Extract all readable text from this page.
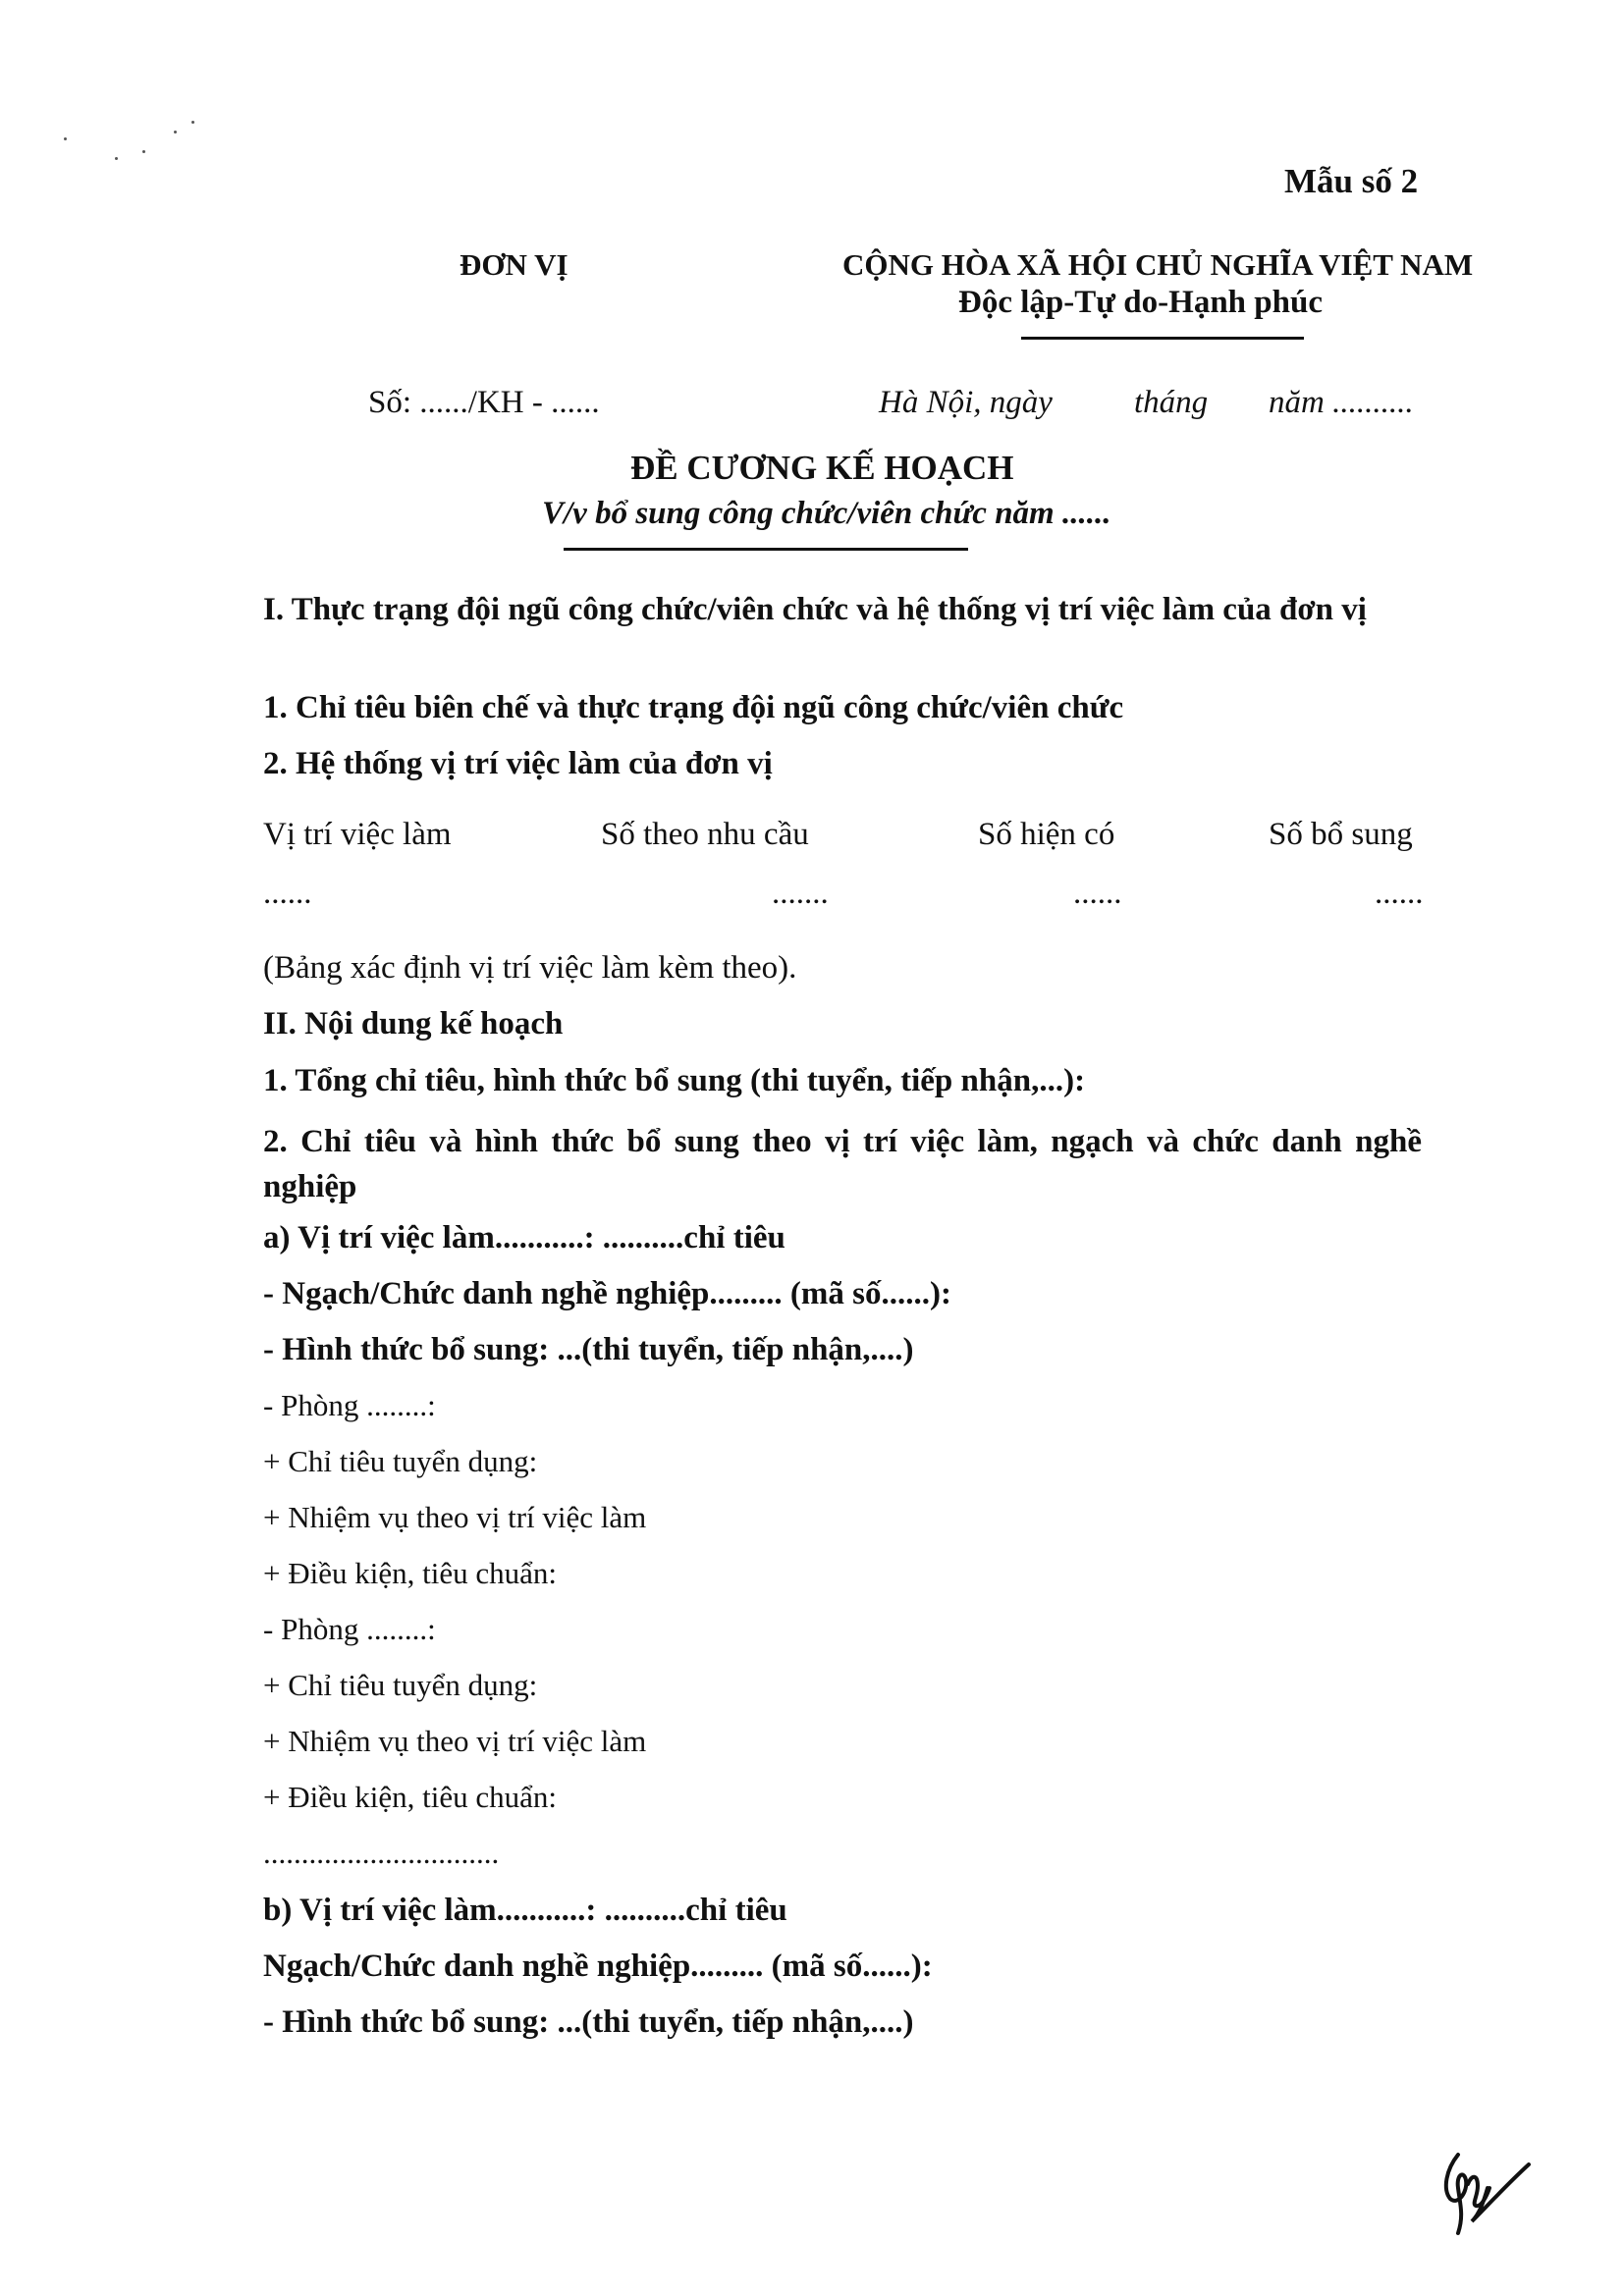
Mẫu số 2
ĐƠN VỊ	CỘNG HÒA XÃ HỘI CHỦ NGHĨA VIỆT NAM
Độc lập-Tự do-Hạnh phúc
Số: ....../KH - ......	Hà Nội, ngày	tháng năm ..........
ĐỀ CƯƠNG KẾ HOẠCH
V/v bổ sung công chức/viên chức năm ......
I. Thực trạng đội ngũ công chức/viên chức và hệ thống vị trí việc làm của đơn vị
1. Chỉ tiêu biên chế và thực trạng đội ngũ công chức/viên chức
2. Hệ thống vị trí việc làm của đơn vị
Vị trí việc làm	Số theo nhu cầu	Số hiện có	Số bổ sung
......	.......	......	......
(Bảng xác định vị trí việc làm kèm theo).
II. Nội dung kế hoạch
1. Tổng chỉ tiêu, hình thức bổ sung (thi tuyển, tiếp nhận,...):
2. Chỉ tiêu và hình thức bổ sung theo vị trí việc làm, ngạch và chức danh nghề nghiệp
a) Vị trí việc làm...........: ..........chỉ tiêu
- Ngạch/Chức danh nghề nghiệp......... (mã số......):
- Hình thức bổ sung: ...(thi tuyển, tiếp nhận,....)
- Phòng ........:
+ Chỉ tiêu tuyển dụng:
+ Nhiệm vụ theo vị trí việc làm
+ Điều kiện, tiêu chuẩn:
- Phòng ........:
+ Chỉ tiêu tuyển dụng:
+ Nhiệm vụ theo vị trí việc làm
+ Điều kiện, tiêu chuẩn:
...............................
b) Vị trí việc làm...........: ..........chỉ tiêu
Ngạch/Chức danh nghề nghiệp......... (mã số......):
- Hình thức bổ sung: ...(thi tuyển, tiếp nhận,....)
